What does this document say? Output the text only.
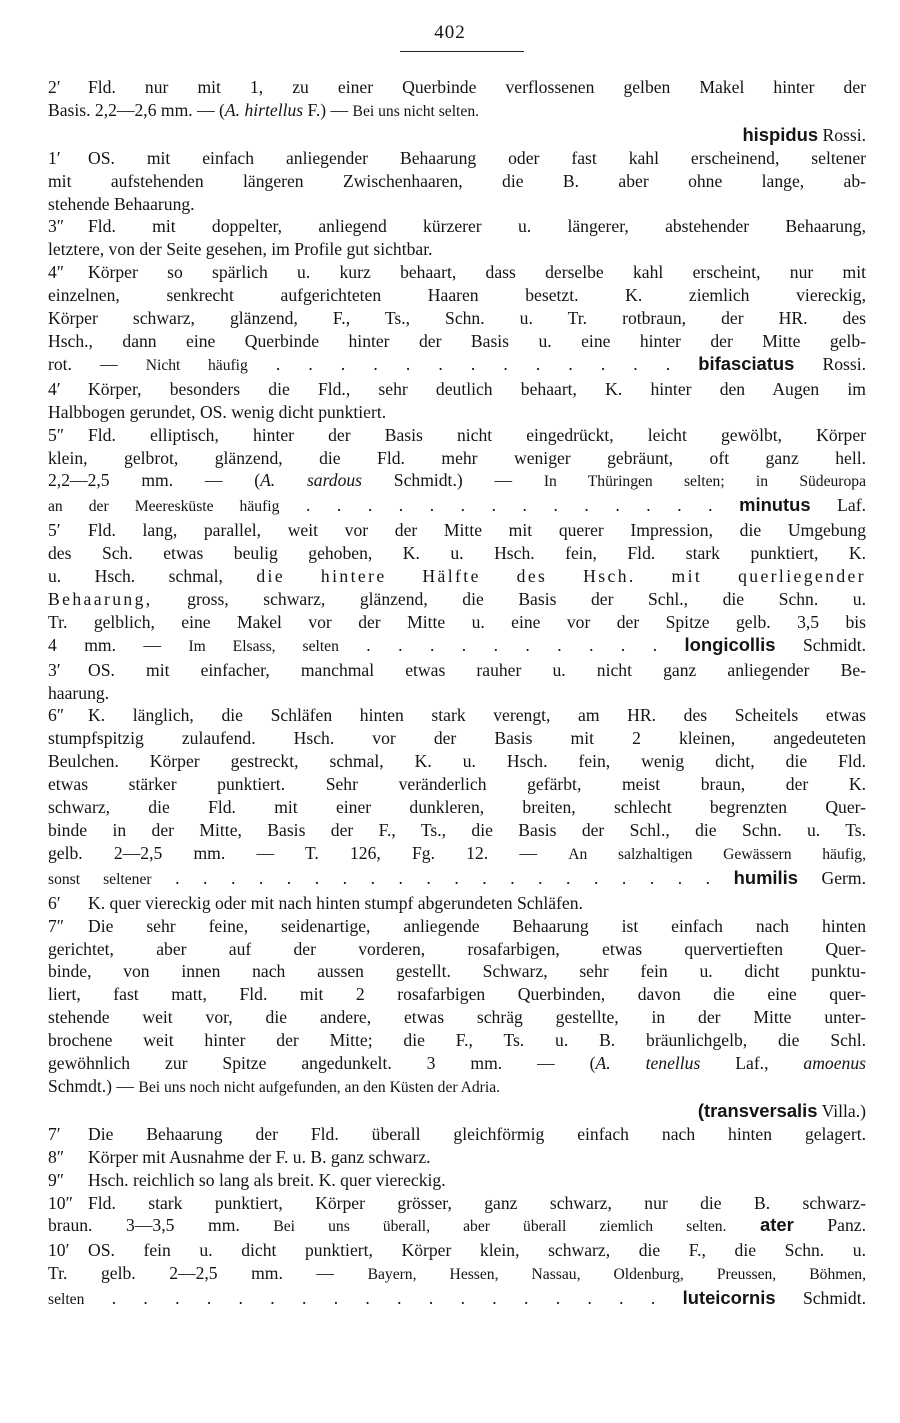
402
2′ Fld. nur mit 1, zu einer Querbinde verflossenen gelben Makel hinter der
Basis. 2,2—2,6 mm. — (A. hirtellus F.) — Bei uns nicht selten.
hispidus Rossi.
1′ OS. mit einfach anliegender Behaarung oder fast kahl erscheinend, seltener
mit aufstehenden längeren Zwischenhaaren, die B. aber ohne lange, ab-
stehende Behaarung.
3″ Fld. mit doppelter, anliegend kürzerer u. längerer, abstehender Behaarung,
letztere, von der Seite gesehen, im Profile gut sichtbar.
4″ Körper so spärlich u. kurz behaart, dass derselbe kahl erscheint, nur mit
einzelnen, senkrecht aufgerichteten Haaren besetzt. K. ziemlich viereckig,
Körper schwarz, glänzend, F., Ts., Schn. u. Tr. rotbraun, der HR. des
Hsch., dann eine Querbinde hinter der Basis u. eine hinter der Mitte gelb-
rot. — Nicht häufig . . . . . . . . . . . . . bifasciatus Rossi.
4′ Körper, besonders die Fld., sehr deutlich behaart, K. hinter den Augen im
Halbbogen gerundet, OS. wenig dicht punktiert.
5″ Fld. elliptisch, hinter der Basis nicht eingedrückt, leicht gewölbt, Körper
klein, gelbrot, glänzend, die Fld. mehr weniger gebräunt, oft ganz hell.
2,2—2,5 mm. — (A. sardous Schmidt.) — In Thüringen selten; in Südeuropa
an der Meeresküste häufig . . . . . . . . . . . . . . minutus Laf.
5′ Fld. lang, parallel, weit vor der Mitte mit querer Impression, die Umgebung
des Sch. etwas beulig gehoben, K. u. Hsch. fein, Fld. stark punktiert, K.
u. Hsch. schmal, die hintere Hälfte des Hsch. mit querliegender
Behaarung, gross, schwarz, glänzend, die Basis der Schl., die Schn. u.
Tr. gelblich, eine Makel vor der Mitte u. eine vor der Spitze gelb. 3,5 bis
4 mm. — Im Elsass, selten . . . . . . . . . . longicollis Schmidt.
3′ OS. mit einfacher, manchmal etwas rauher u. nicht ganz anliegender Be-
haarung.
6″ K. länglich, die Schläfen hinten stark verengt, am HR. des Scheitels etwas
stumpfspitzig zulaufend. Hsch. vor der Basis mit 2 kleinen, angedeuteten
Beulchen. Körper gestreckt, schmal, K. u. Hsch. fein, wenig dicht, die Fld.
etwas stärker punktiert. Sehr veränderlich gefärbt, meist braun, der K.
schwarz, die Fld. mit einer dunkleren, breiten, schlecht begrenzten Quer-
binde in der Mitte, Basis der F., Ts., die Basis der Schl., die Schn. u. Ts.
gelb. 2—2,5 mm. — T. 126, Fg. 12. — An salzhaltigen Gewässern häufig,
sonst seltener . . . . . . . . . . . . . . . . . . . . humilis Germ.
6′ K. quer viereckig oder mit nach hinten stumpf abgerundeten Schläfen.
7″ Die sehr feine, seidenartige, anliegende Behaarung ist einfach nach hinten
gerichtet, aber auf der vorderen, rosafarbigen, etwas quervertieften Quer-
binde, von innen nach aussen gestellt. Schwarz, sehr fein u. dicht punktu-
liert, fast matt, Fld. mit 2 rosafarbigen Querbinden, davon die eine quer-
stehende weit vor, die andere, etwas schräg gestellte, in der Mitte unter-
brochene weit hinter der Mitte; die F., Ts. u. B. bräunlichgelb, die Schl.
gewöhnlich zur Spitze angedunkelt. 3 mm. — (A. tenellus Laf., amoenus
Schmdt.) — Bei uns noch nicht aufgefunden, an den Küsten der Adria.
(transversalis Villa.)
7′ Die Behaarung der Fld. überall gleichförmig einfach nach hinten gelagert.
8″ Körper mit Ausnahme der F. u. B. ganz schwarz.
9″ Hsch. reichlich so lang als breit. K. quer viereckig.
10″ Fld. stark punktiert, Körper grösser, ganz schwarz, nur die B. schwarz-
braun. 3—3,5 mm. Bei uns überall, aber überall ziemlich selten. ater Panz.
10′ OS. fein u. dicht punktiert, Körper klein, schwarz, die F., die Schn. u.
Tr. gelb. 2—2,5 mm. — Bayern, Hessen, Nassau, Oldenburg, Preussen, Böhmen,
selten . . . . . . . . . . . . . . . . . . luteicornis Schmidt.
